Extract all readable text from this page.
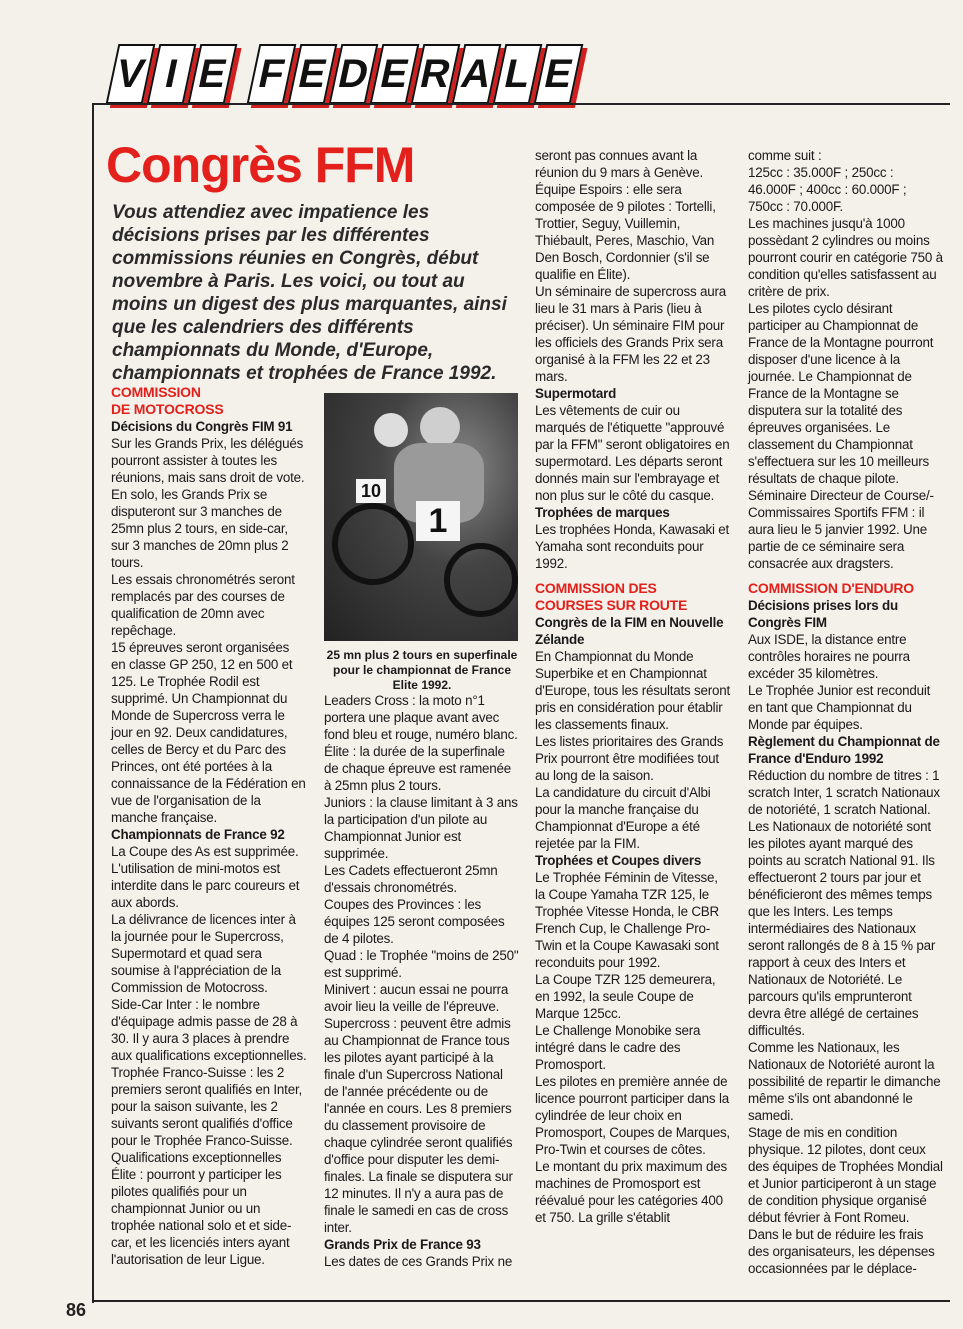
V I E F E D E R A L E
Congrès FFM

Vous attendiez avec impatience les décisions prises par les différentes commissions réunies en Congrès, début novembre à Paris. Les voici, ou tout au moins un digest des plus marquantes, ainsi que les calendriers des différents championnats du Monde, d'Europe, championnats et trophées de France 1992.

COMMISSION

DE MOTOCROSS

Décisions du Congrès FIM 91

Sur les Grands Prix, les délégués pourront assister à toutes les réunions, mais sans droit de vote.

En solo, les Grands Prix se disputeront sur 3 manches de 25mn plus 2 tours, en side-car, sur 3 manches de 20mn plus 2 tours.

Les essais chronométrés seront remplacés par des courses de qualification de 20mn avec repêchage.

15 épreuves seront organisées en classe GP 250, 12 en 500 et 125. Le Trophée Rodil est supprimé. Un Championnat du Monde de Supercross verra le jour en 92. Deux candidatures, celles de Bercy et du Parc des Princes, ont été portées à la connaissance de la Fédération en vue de l'organisation de la manche française.

Championnats de France 92

La Coupe des As est supprimée. L'utilisation de mini-motos est interdite dans le parc coureurs et aux abords.

La délivrance de licences inter à la journée pour le Supercross, Supermotard et quad sera soumise à l'appréciation de la Commission de Motocross.

Side-Car Inter : le nombre d'équipage admis passe de 28 à 30. Il y aura 3 places à prendre aux qualifications exceptionnelles.

Trophée Franco-Suisse : les 2 premiers seront qualifiés en Inter, pour la saison suivante, les 2 suivants seront qualifiés d'office pour le Trophée Franco-Suisse.

Qualifications exceptionnelles Élite : pourront y participer les pilotes qualifiés pour un championnat Junior ou un trophée national solo et et side-car, et les licenciés inters ayant l'autorisation de leur Ligue.

10
1

25 mn plus 2 tours en superfinale pour le championnat de France Elite 1992.

Leaders Cross : la moto n°1 portera une plaque avant avec fond bleu et rouge, numéro blanc.

Élite : la durée de la superfinale de chaque épreuve est ramenée à 25mn plus 2 tours.

Juniors : la clause limitant à 3 ans la participation d'un pilote au Championnat Junior est supprimée.

Les Cadets effectueront 25mn d'essais chronométrés.

Coupes des Provinces : les équipes 125 seront composées de 4 pilotes.

Quad : le Trophée "moins de 250" est supprimé.

Minivert : aucun essai ne pourra avoir lieu la veille de l'épreuve.

Supercross : peuvent être admis au Championnat de France tous les pilotes ayant participé à la finale d'un Supercross National de l'année précédente ou de l'année en cours. Les 8 premiers du classement provisoire de chaque cylindrée seront qualifiés d'office pour disputer les demi-finales. La finale se disputera sur 12 minutes. Il n'y a aura pas de finale le samedi en cas de cross inter.

Grands Prix de France 93

Les dates de ces Grands Prix ne

seront pas connues avant la réunion du 9 mars à Genève.

Équipe Espoirs : elle sera composée de 9 pilotes : Tortelli, Trottier, Seguy, Vuillemin, Thiébault, Peres, Maschio, Van Den Bosch, Cordonnier (s'il se qualifie en Élite).

Un séminaire de supercross aura lieu le 31 mars à Paris (lieu à préciser). Un séminaire FIM pour les officiels des Grands Prix sera organisé à la FFM les 22 et 23 mars.

Supermotard

Les vêtements de cuir ou marqués de l'étiquette "approuvé par la FFM" seront obligatoires en supermotard. Les départs seront donnés main sur l'embrayage et non plus sur le côté du casque.

Trophées de marques

Les trophées Honda, Kawasaki et Yamaha sont reconduits pour 1992.

COMMISSION DES

COURSES SUR ROUTE

Congrès de la FIM en Nouvelle Zélande

En Championnat du Monde Superbike et en Championnat d'Europe, tous les résultats seront pris en considération pour établir les classements finaux.

Les listes prioritaires des Grands Prix pourront être modifiées tout au long de la saison.

La candidature du circuit d'Albi pour la manche française du Championnat d'Europe a été rejetée par la FIM.

Trophées et Coupes divers

Le Trophée Féminin de Vitesse, la Coupe Yamaha TZR 125, le Trophée Vitesse Honda, le CBR French Cup, le Challenge Pro-Twin et la Coupe Kawasaki sont reconduits pour 1992.

La Coupe TZR 125 demeurera, en 1992, la seule Coupe de Marque 125cc.

Le Challenge Monobike sera intégré dans le cadre des Promosport.

Les pilotes en première année de licence pourront participer dans la cylindrée de leur choix en Promosport, Coupes de Marques, Pro-Twin et courses de côtes.

Le montant du prix maximum des machines de Promosport est réévalué pour les catégories 400 et 750. La grille s'établit

comme suit :

125cc : 35.000F ; 250cc : 46.000F ; 400cc : 60.000F ; 750cc : 70.000F.

Les machines jusqu'à 1000 possèdant 2 cylindres ou moins pourront courir en catégorie 750 à condition qu'elles satisfassent au critère de prix.

Les pilotes cyclo désirant participer au Championnat de France de la Montagne pourront disposer d'une licence à la journée. Le Championnat de France de la Montagne se disputera sur la totalité des épreuves organisées. Le classement du Championnat s'effectuera sur les 10 meilleurs résultats de chaque pilote.

Séminaire Directeur de Course/-Commissaires Sportifs FFM : il aura lieu le 5 janvier 1992. Une partie de ce séminaire sera consacrée aux dragsters.

COMMISSION D'ENDURO

Décisions prises lors du Congrès FIM

Aux ISDE, la distance entre contrôles horaires ne pourra excéder 35 kilomètres.

Le Trophée Junior est reconduit en tant que Championnat du Monde par équipes.

Règlement du Championnat de France d'Enduro 1992

Réduction du nombre de titres : 1 scratch Inter, 1 scratch Nationaux de notoriété, 1 scratch National. Les Nationaux de notoriété sont les pilotes ayant marqué des points au scratch National 91. Ils effectueront 2 tours par jour et bénéficieront des mêmes temps que les Inters. Les temps intermédiaires des Nationaux seront rallongés de 8 à 15 % par rapport à ceux des Inters et Nationaux de Notoriété. Le parcours qu'ils emprunteront devra être allégé de certaines difficultés.

Comme les Nationaux, les Nationaux de Notoriété auront la possibilité de repartir le dimanche même s'ils ont abandonné le samedi.

Stage de mis en condition physique. 12 pilotes, dont ceux des équipes de Trophées Mondial et Junior participeront à un stage de condition physique organisé début février à Font Romeu.

Dans le but de réduire les frais des organisateurs, les dépenses occasionnées par le déplace-

86
